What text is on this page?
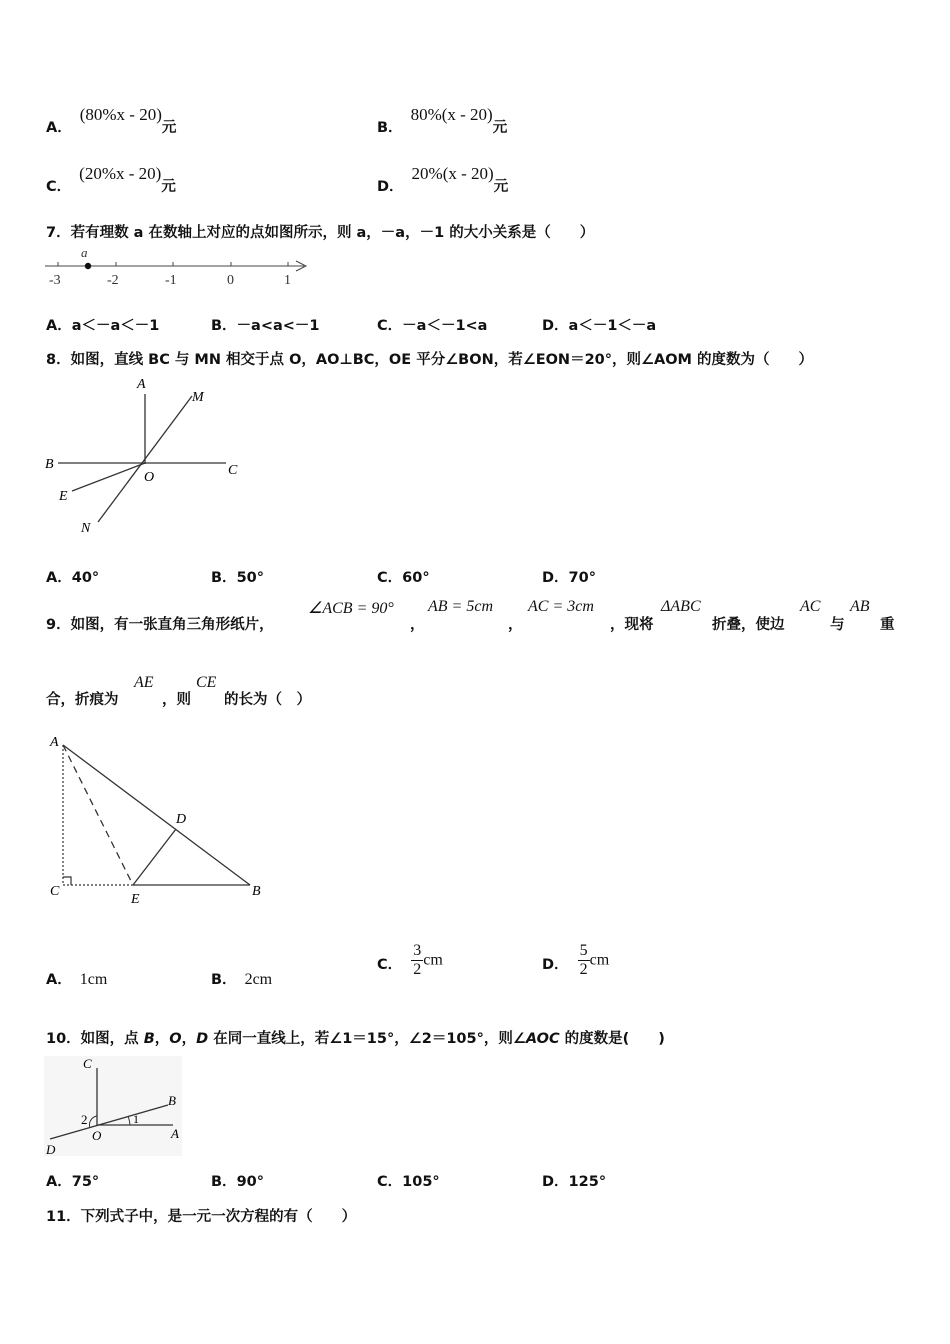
A．(80%x - 20)元	B．80%(x - 20)元
C．(20%x - 20)元	D．20%(x - 20)元
7．若有理数 a 在数轴上对应的点如图所示，则 a，－a，－1 的大小关系是（　　）
a
-3	-2	-1	0	1
A．a＜－a＜－1	B．－a<a<－1	C．－a＜－1<a	D．a＜－1＜－a
8．如图，直线 BC 与 MN 相交于点 O，AO⊥BC，OE 平分∠BON，若∠EON＝20°，则∠AOM 的度数为（　　）
A
M
B	C
O
E
N
A．40°	B．50°	C．60°	D．70°
9．如图，有一张直角三角形纸片，
∠ACB = 90°
，
AB = 5cm
，
AC = 3cm
，现将
ΔABC
折叠，使边
AC
与
AB
重
合，折痕为
AE
，则
CE
的长为（　）
A
D
C
E
B
A． 1cm	B． 2cm
C． $\frac{3}{2}$ cm	D． $\frac{5}{2}$ cm
10．如图，点 B，O，D 在同一直线上，若∠1＝15°，∠2＝105°，则∠AOC 的度数是(　　)
C
B
2	1
O	A
D
A．75°	B．90°	C．105°	D．125°
11．下列式子中，是一元一次方程的有（　　）
